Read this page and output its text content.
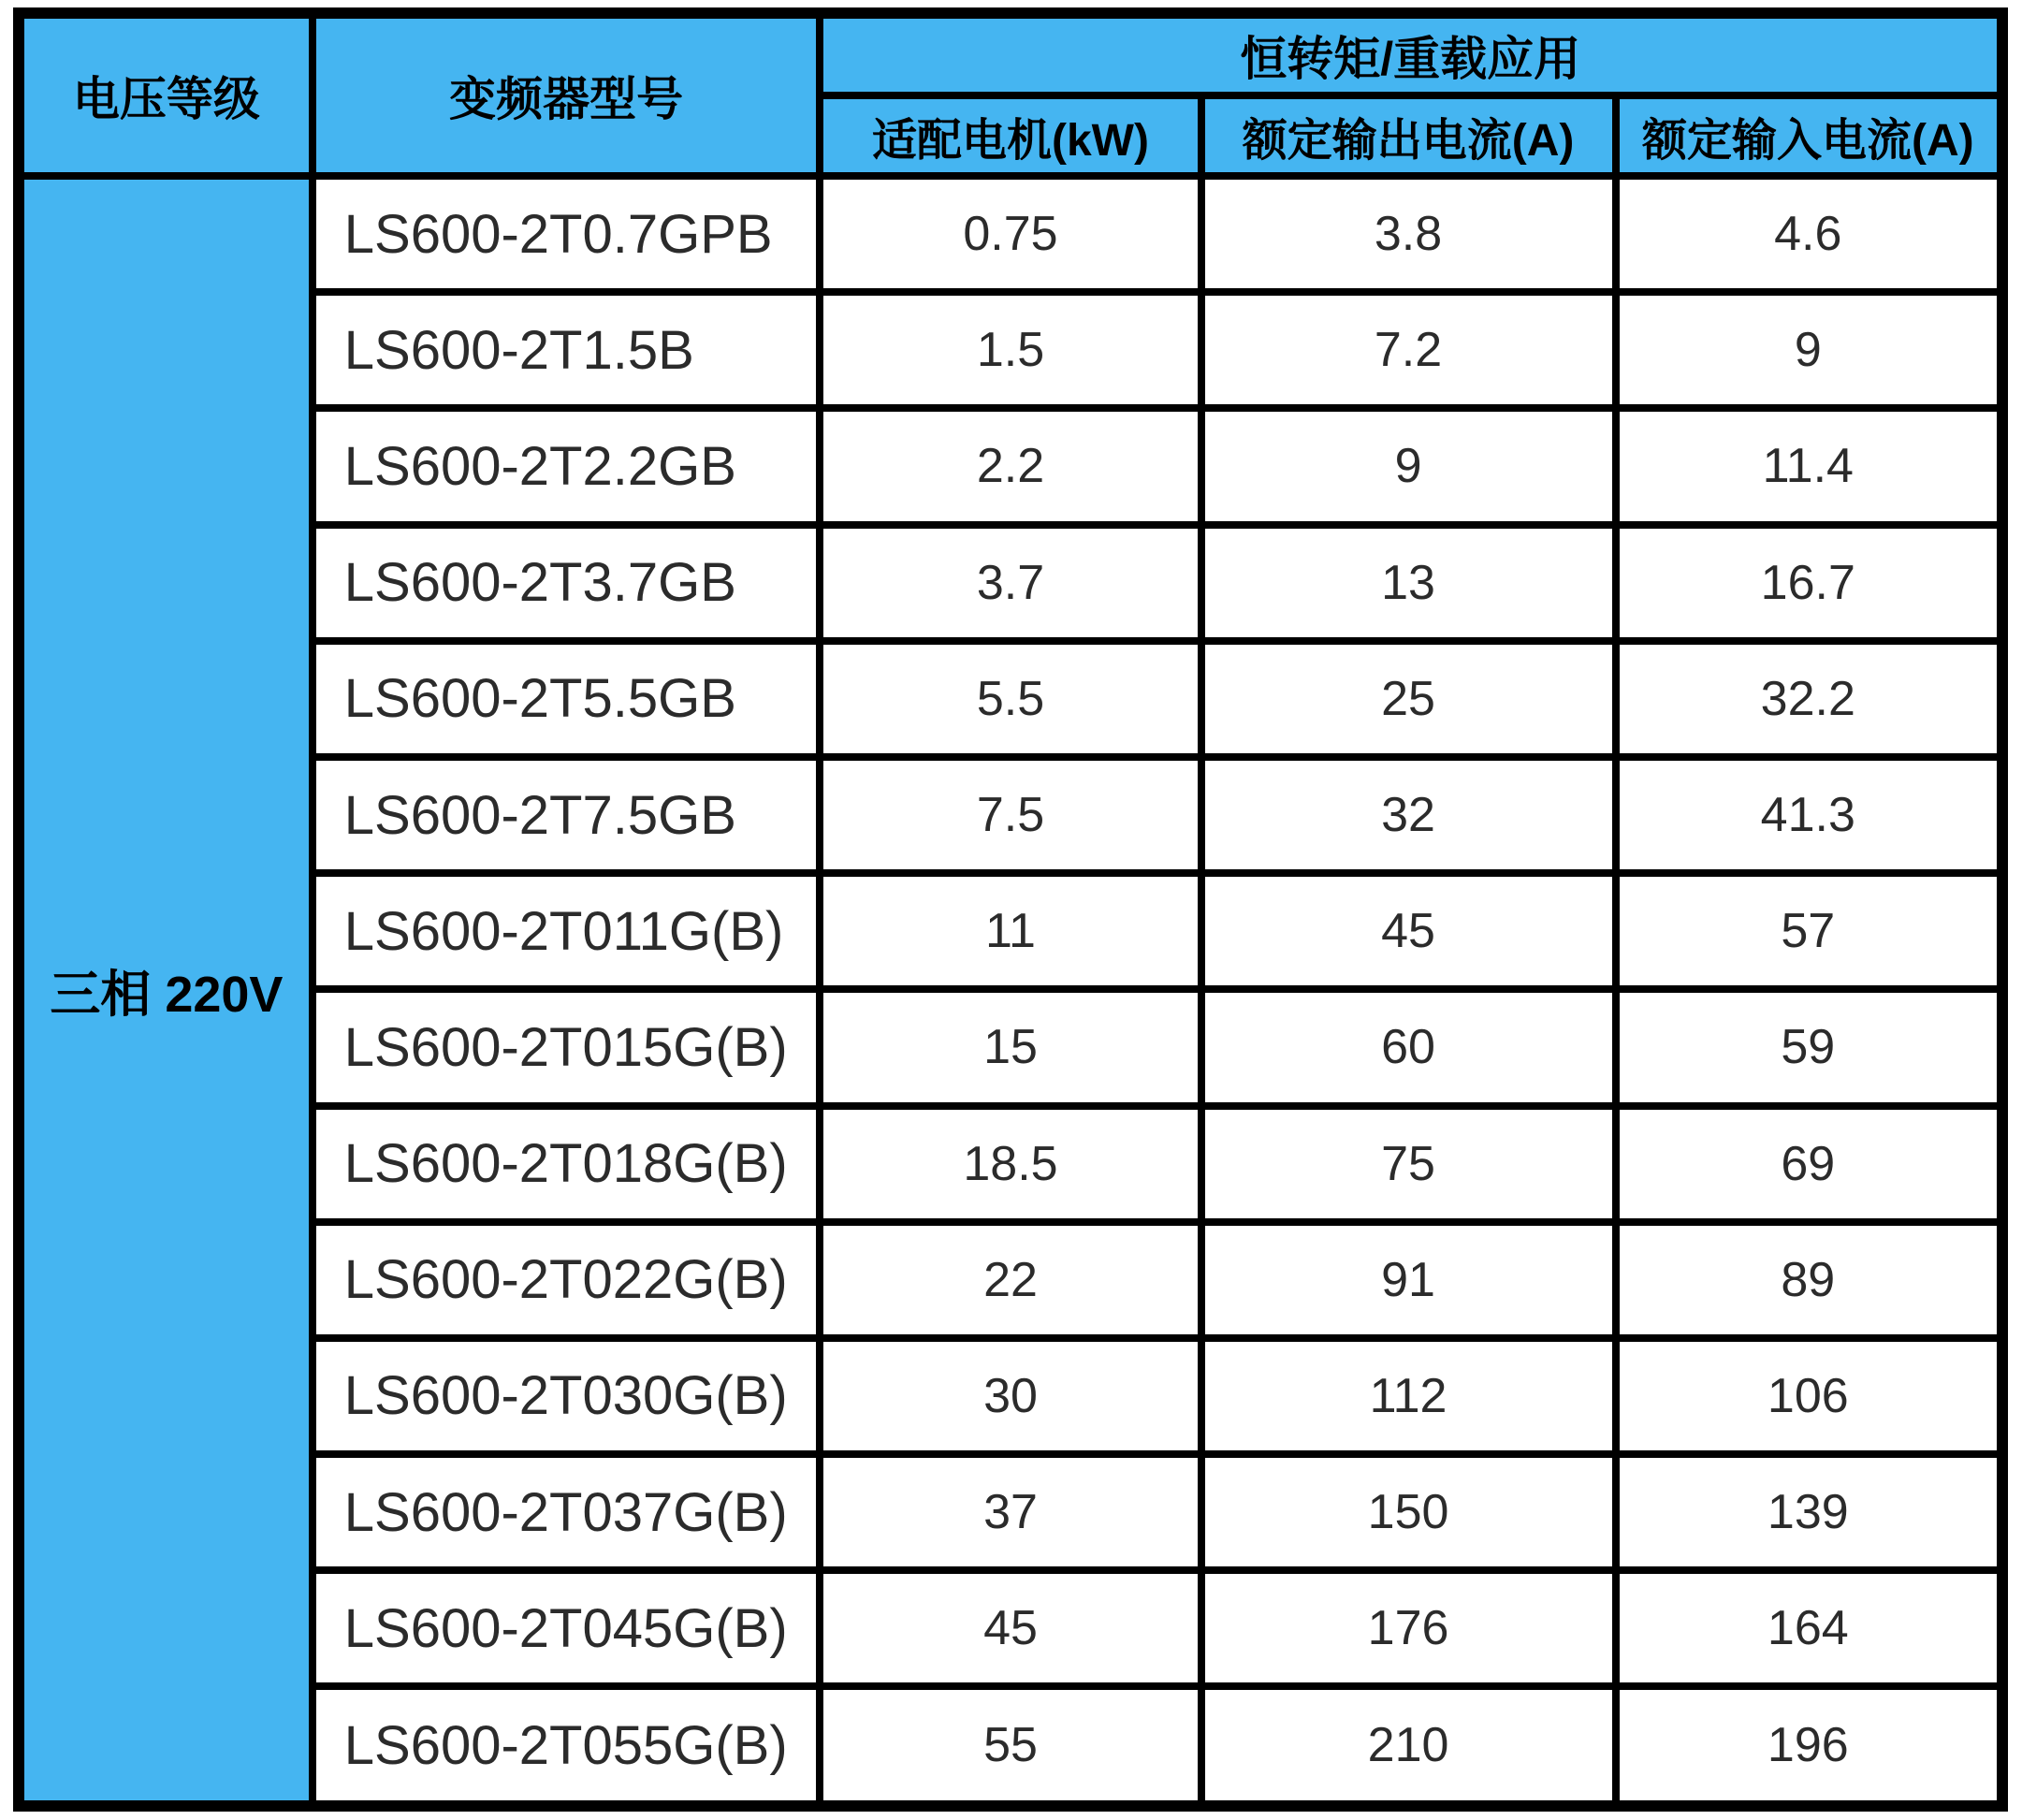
电压等级	变频器型号	恒转矩/重载应用		
		适配电机(kW)	额定输出电流(A)	额定输入电流(A)
三相 220V	LS600-2T0.7GPB	0.75	3.8	4.6
	LS600-2T1.5B	1.5	7.2	9
	LS600-2T2.2GB	2.2	9	11.4
	LS600-2T3.7GB	3.7	13	16.7
	LS600-2T5.5GB	5.5	25	32.2
	LS600-2T7.5GB	7.5	32	41.3
	LS600-2T011G(B)	11	45	57
	LS600-2T015G(B)	15	60	59
	LS600-2T018G(B)	18.5	75	69
	LS600-2T022G(B)	22	91	89
	LS600-2T030G(B)	30	112	106
	LS600-2T037G(B)	37	150	139
	LS600-2T045G(B)	45	176	164
	LS600-2T055G(B)	55	210	196
